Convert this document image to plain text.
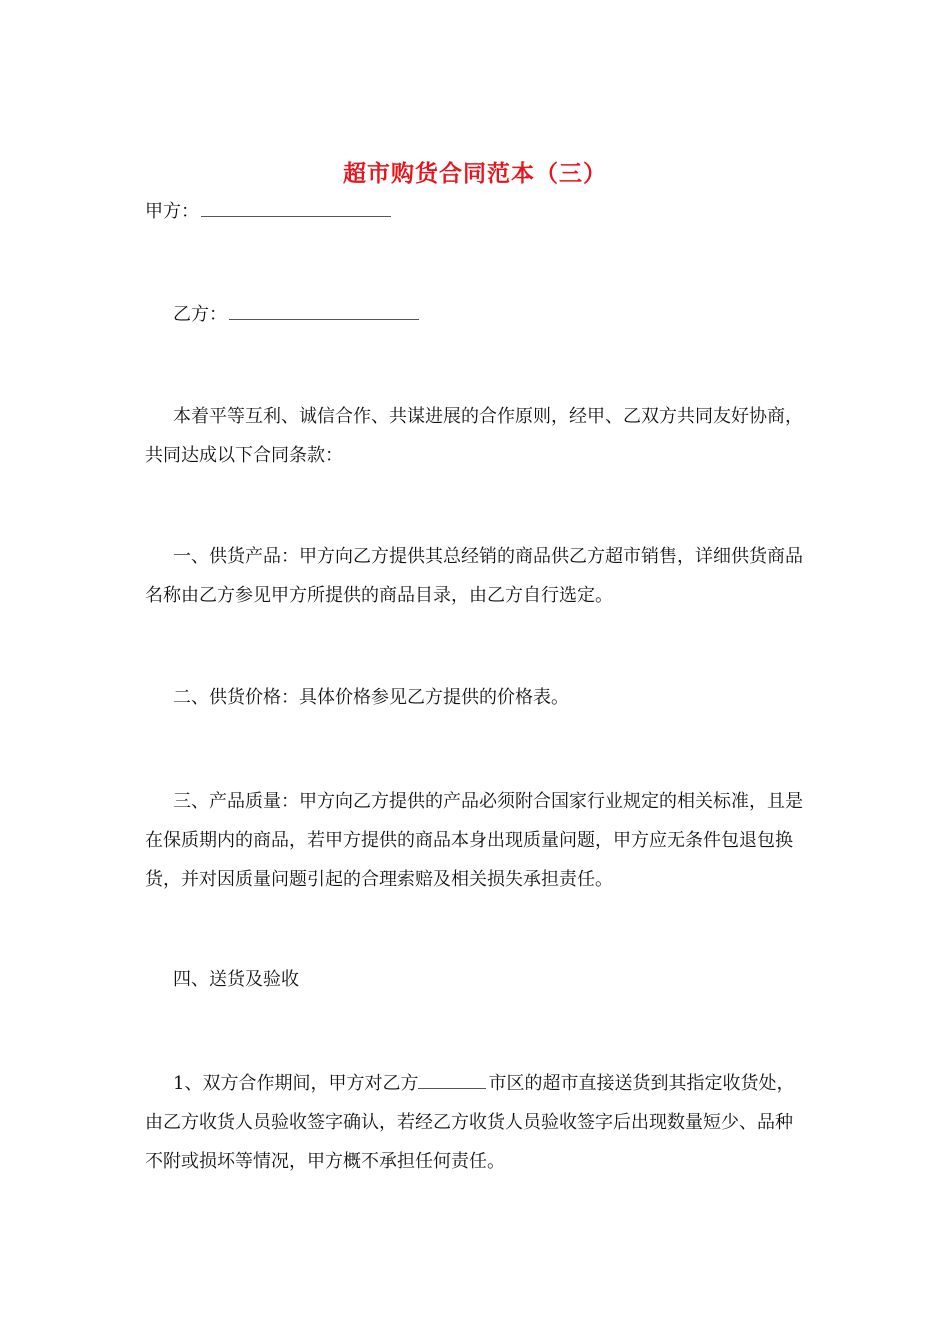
超市购货合同范本（三）
甲方：
乙方：
本着平等互利、诚信合作、共谋进展的合作原则，经甲、乙双方共同友好协商，共同达成以下合同条款：
一、供货产品：甲方向乙方提供其总经销的商品供乙方超市销售，详细供货商品名称由乙方参见甲方所提供的商品目录，由乙方自行选定。
二、供货价格：具体价格参见乙方提供的价格表。
三、产品质量：甲方向乙方提供的产品必须附合国家行业规定的相关标准，且是在保质期内的商品，若甲方提供的商品本身出现质量问题，甲方应无条件包退包换货，并对因质量问题引起的合理索赔及相关损失承担责任。
四、送货及验收
1、双方合作期间，甲方对乙方	市区的超市直接送货到其指定收货处，由乙方收货人员验收签字确认，若经乙方收货人员验收签字后出现数量短少、品种不附或损坏等情况，甲方概不承担任何责任。
